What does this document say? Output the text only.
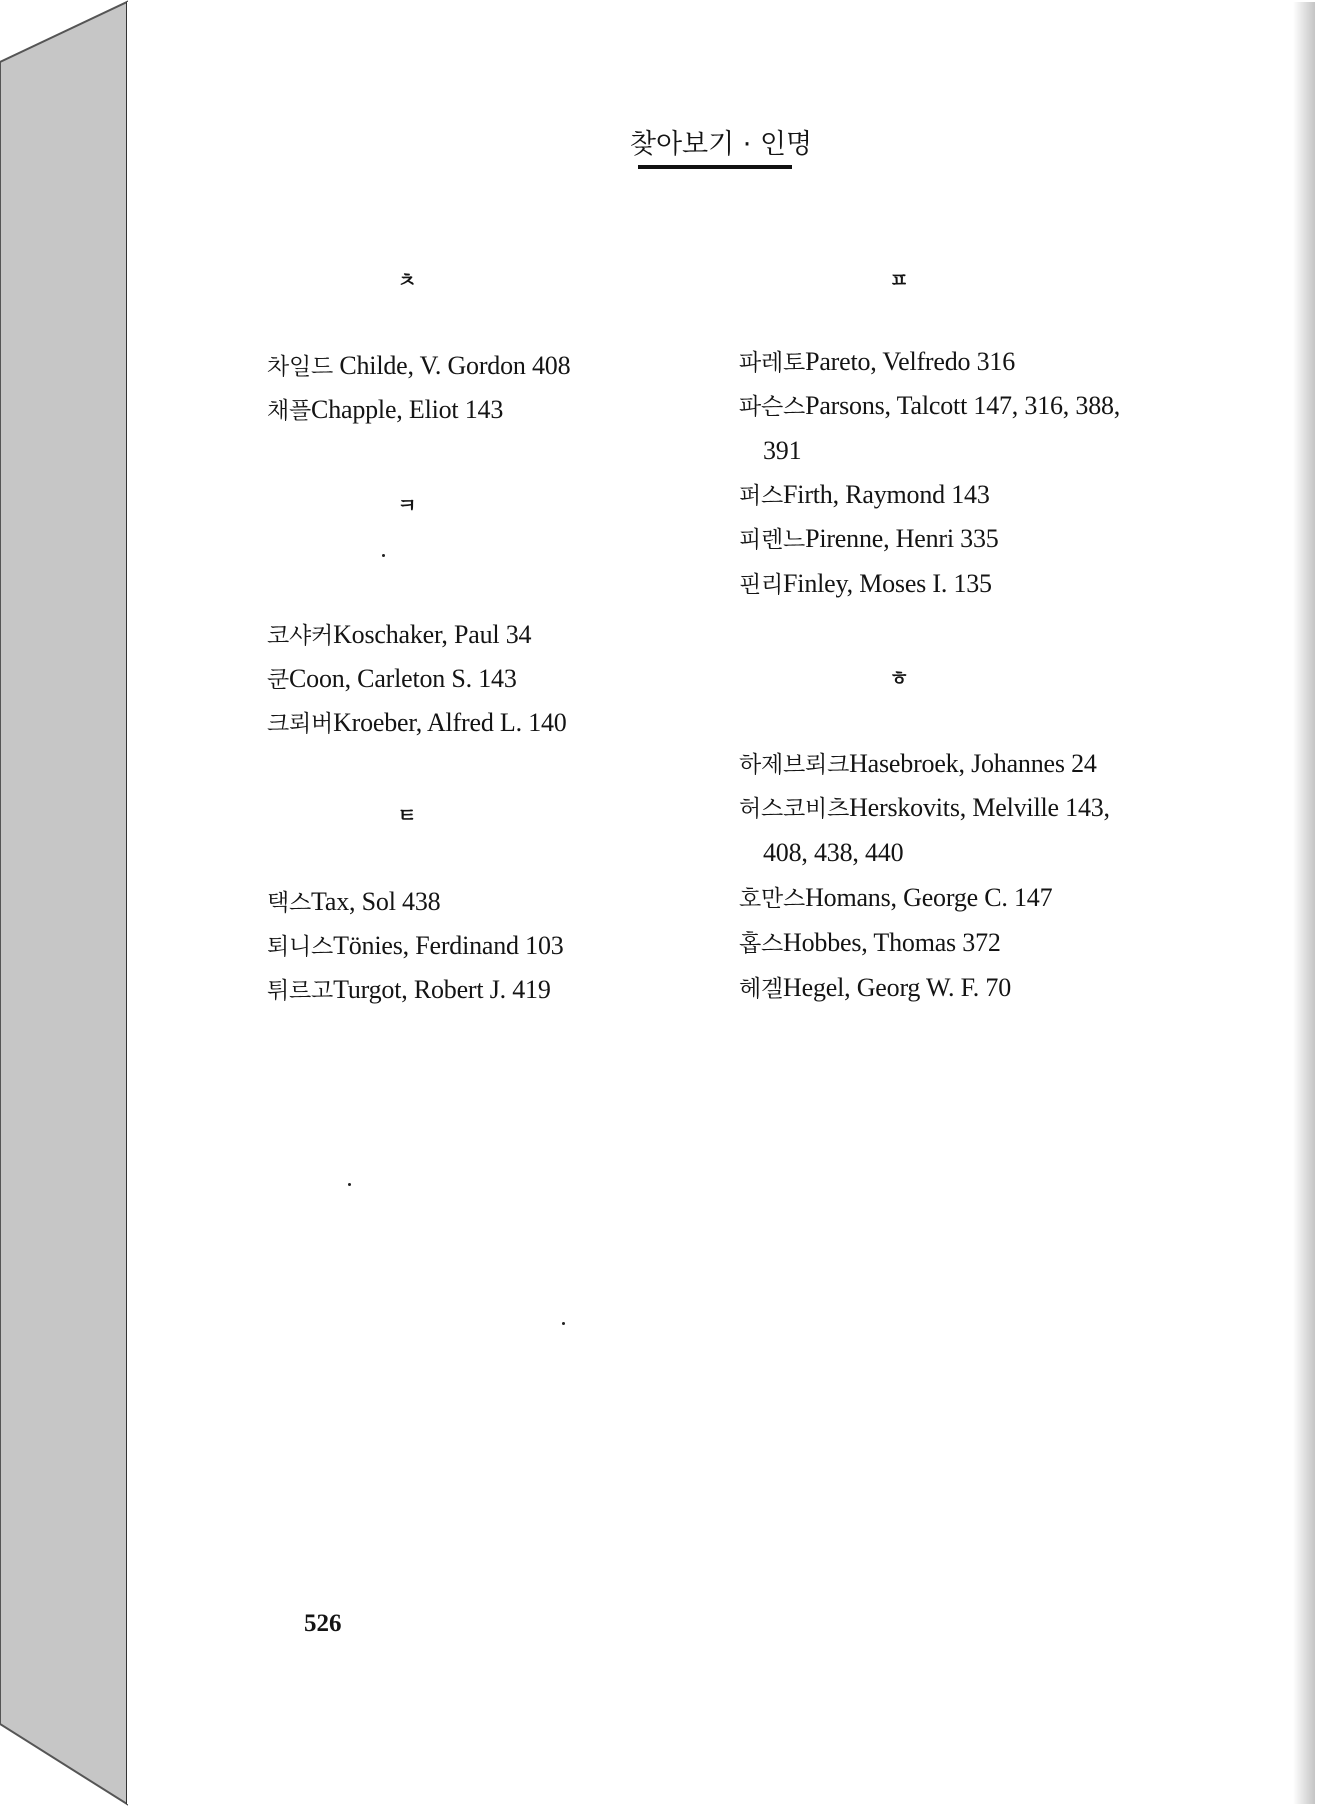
찾아보기 · 인명
ㅊ
차일드 Childe, V. Gordon 408
채플Chapple, Eliot 143
ㅋ
코샤커Koschaker, Paul 34
쿤Coon, Carleton S. 143
크뢰버Kroeber, Alfred L. 140
ㅌ
택스Tax, Sol 438
퇴니스Tönies, Ferdinand 103
튀르고Turgot, Robert J. 419
ㅍ
파레토Pareto, Velfredo 316
파슨스Parsons, Talcott 147, 316, 388,
391
퍼스Firth, Raymond 143
피렌느Pirenne, Henri 335
핀리Finley, Moses I. 135
ㅎ
하제브뢰크Hasebroek, Johannes 24
허스코비츠Herskovits, Melville 143,
408, 438, 440
호만스Homans, George C. 147
홉스Hobbes, Thomas 372
헤겔Hegel, Georg W. F. 70
526
